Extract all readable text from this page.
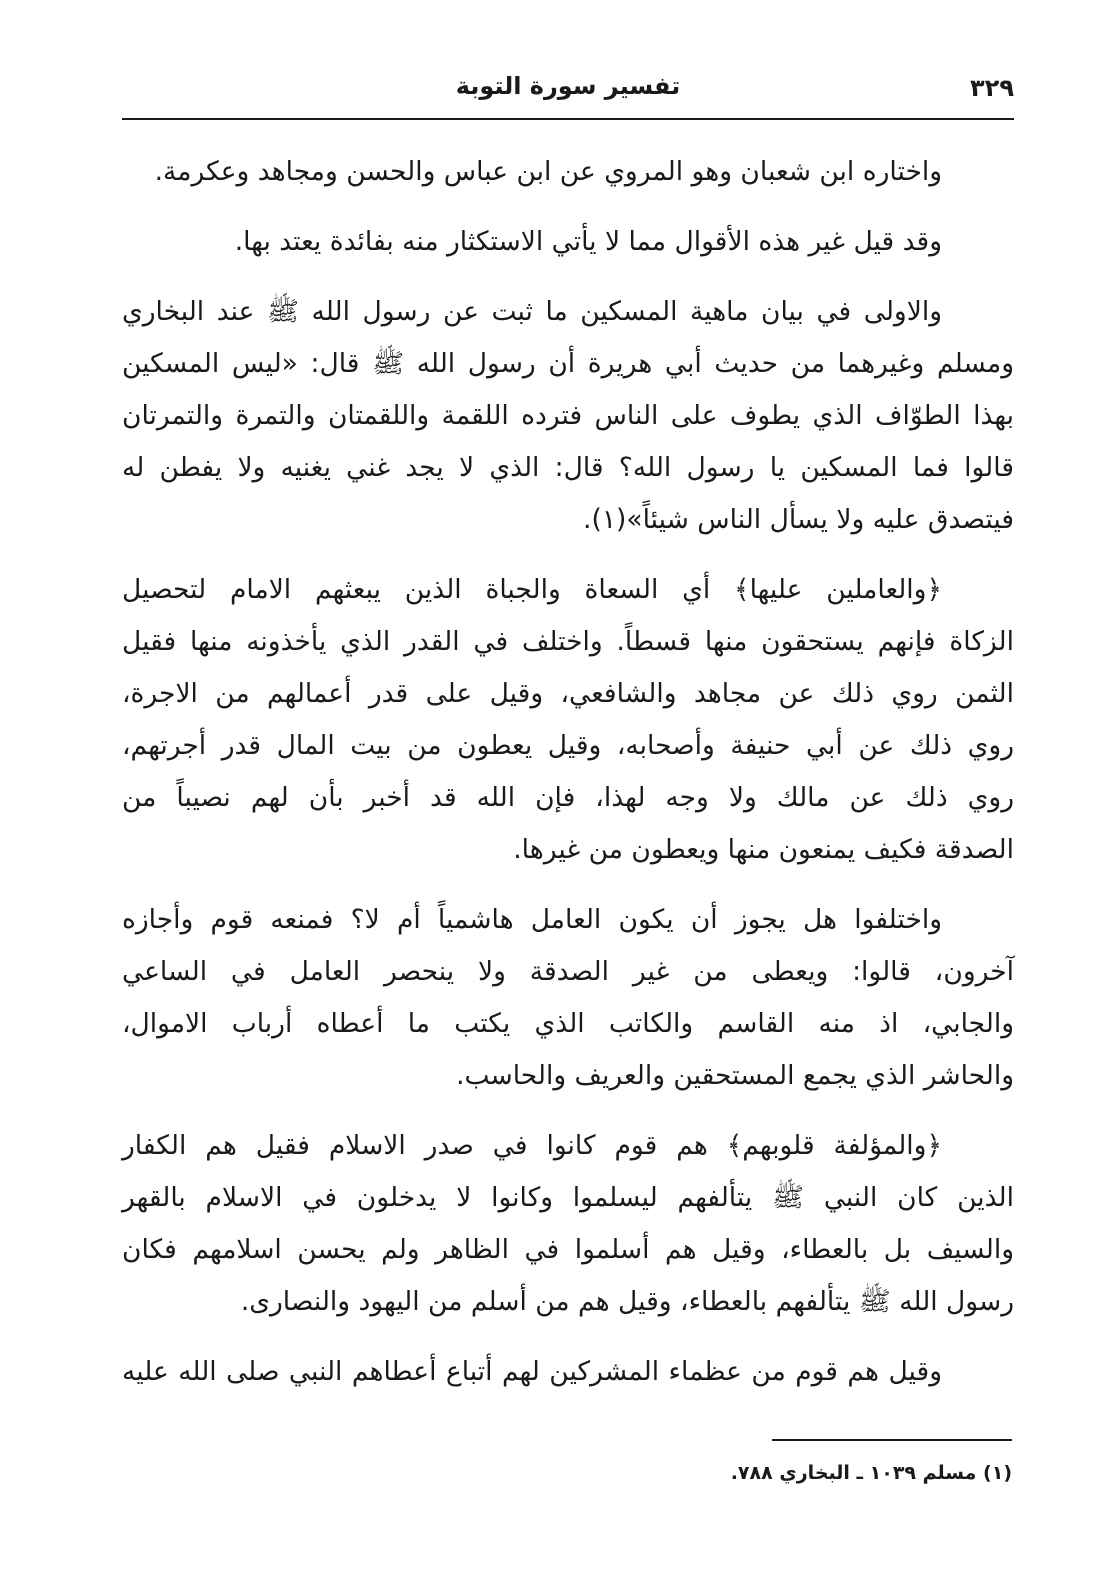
٣٢٩
تفسير سورة التوبة

واختاره ابن شعبان وهو المروي عن ابن عباس والحسن ومجاهد وعكرمة.

وقد قيل غير هذه الأقوال مما لا يأتي الاستكثار منه بفائدة يعتد بها.

والاولى في بيان ماهية المسكين ما ثبت عن رسول الله ﷺ عند البخاري
ومسلم وغيرهما من حديث أبي هريرة أن رسول الله ﷺ قال: «ليس المسكين
بهذا الطوّاف الذي يطوف على الناس فترده اللقمة واللقمتان والتمرة والتمرتان
قالوا فما المسكين يا رسول الله؟ قال: الذي لا يجد غني يغنيه ولا يفطن له
فيتصدق عليه ولا يسأل الناس شيئاً»(١).

﴿والعاملين عليها﴾ أي السعاة والجباة الذين يبعثهم الامام لتحصيل
الزكاة فإنهم يستحقون منها قسطاً. واختلف في القدر الذي يأخذونه منها فقيل
الثمن روي ذلك عن مجاهد والشافعي، وقيل على قدر أعمالهم من الاجرة،
روي ذلك عن أبي حنيفة وأصحابه، وقيل يعطون من بيت المال قدر أجرتهم،
روي ذلك عن مالك ولا وجه لهذا، فإن الله قد أخبر بأن لهم نصيباً من
الصدقة فكيف يمنعون منها ويعطون من غيرها.

واختلفوا هل يجوز أن يكون العامل هاشمياً أم لا؟ فمنعه قوم وأجازه
آخرون، قالوا: ويعطى من غير الصدقة ولا ينحصر العامل في الساعي
والجابي، اذ منه القاسم والكاتب الذي يكتب ما أعطاه أرباب الاموال،
والحاشر الذي يجمع المستحقين والعريف والحاسب.

﴿والمؤلفة قلوبهم﴾ هم قوم كانوا في صدر الاسلام فقيل هم الكفار
الذين كان النبي ﷺ يتألفهم ليسلموا وكانوا لا يدخلون في الاسلام بالقهر
والسيف بل بالعطاء، وقيل هم أسلموا في الظاهر ولم يحسن اسلامهم فكان
رسول الله ﷺ يتألفهم بالعطاء، وقيل هم من أسلم من اليهود والنصارى.

وقيل هم قوم من عظماء المشركين لهم أتباع أعطاهم النبي صلى الله عليه

(١) مسلم ١٠٣٩ ـ البخاري ٧٨٨.
